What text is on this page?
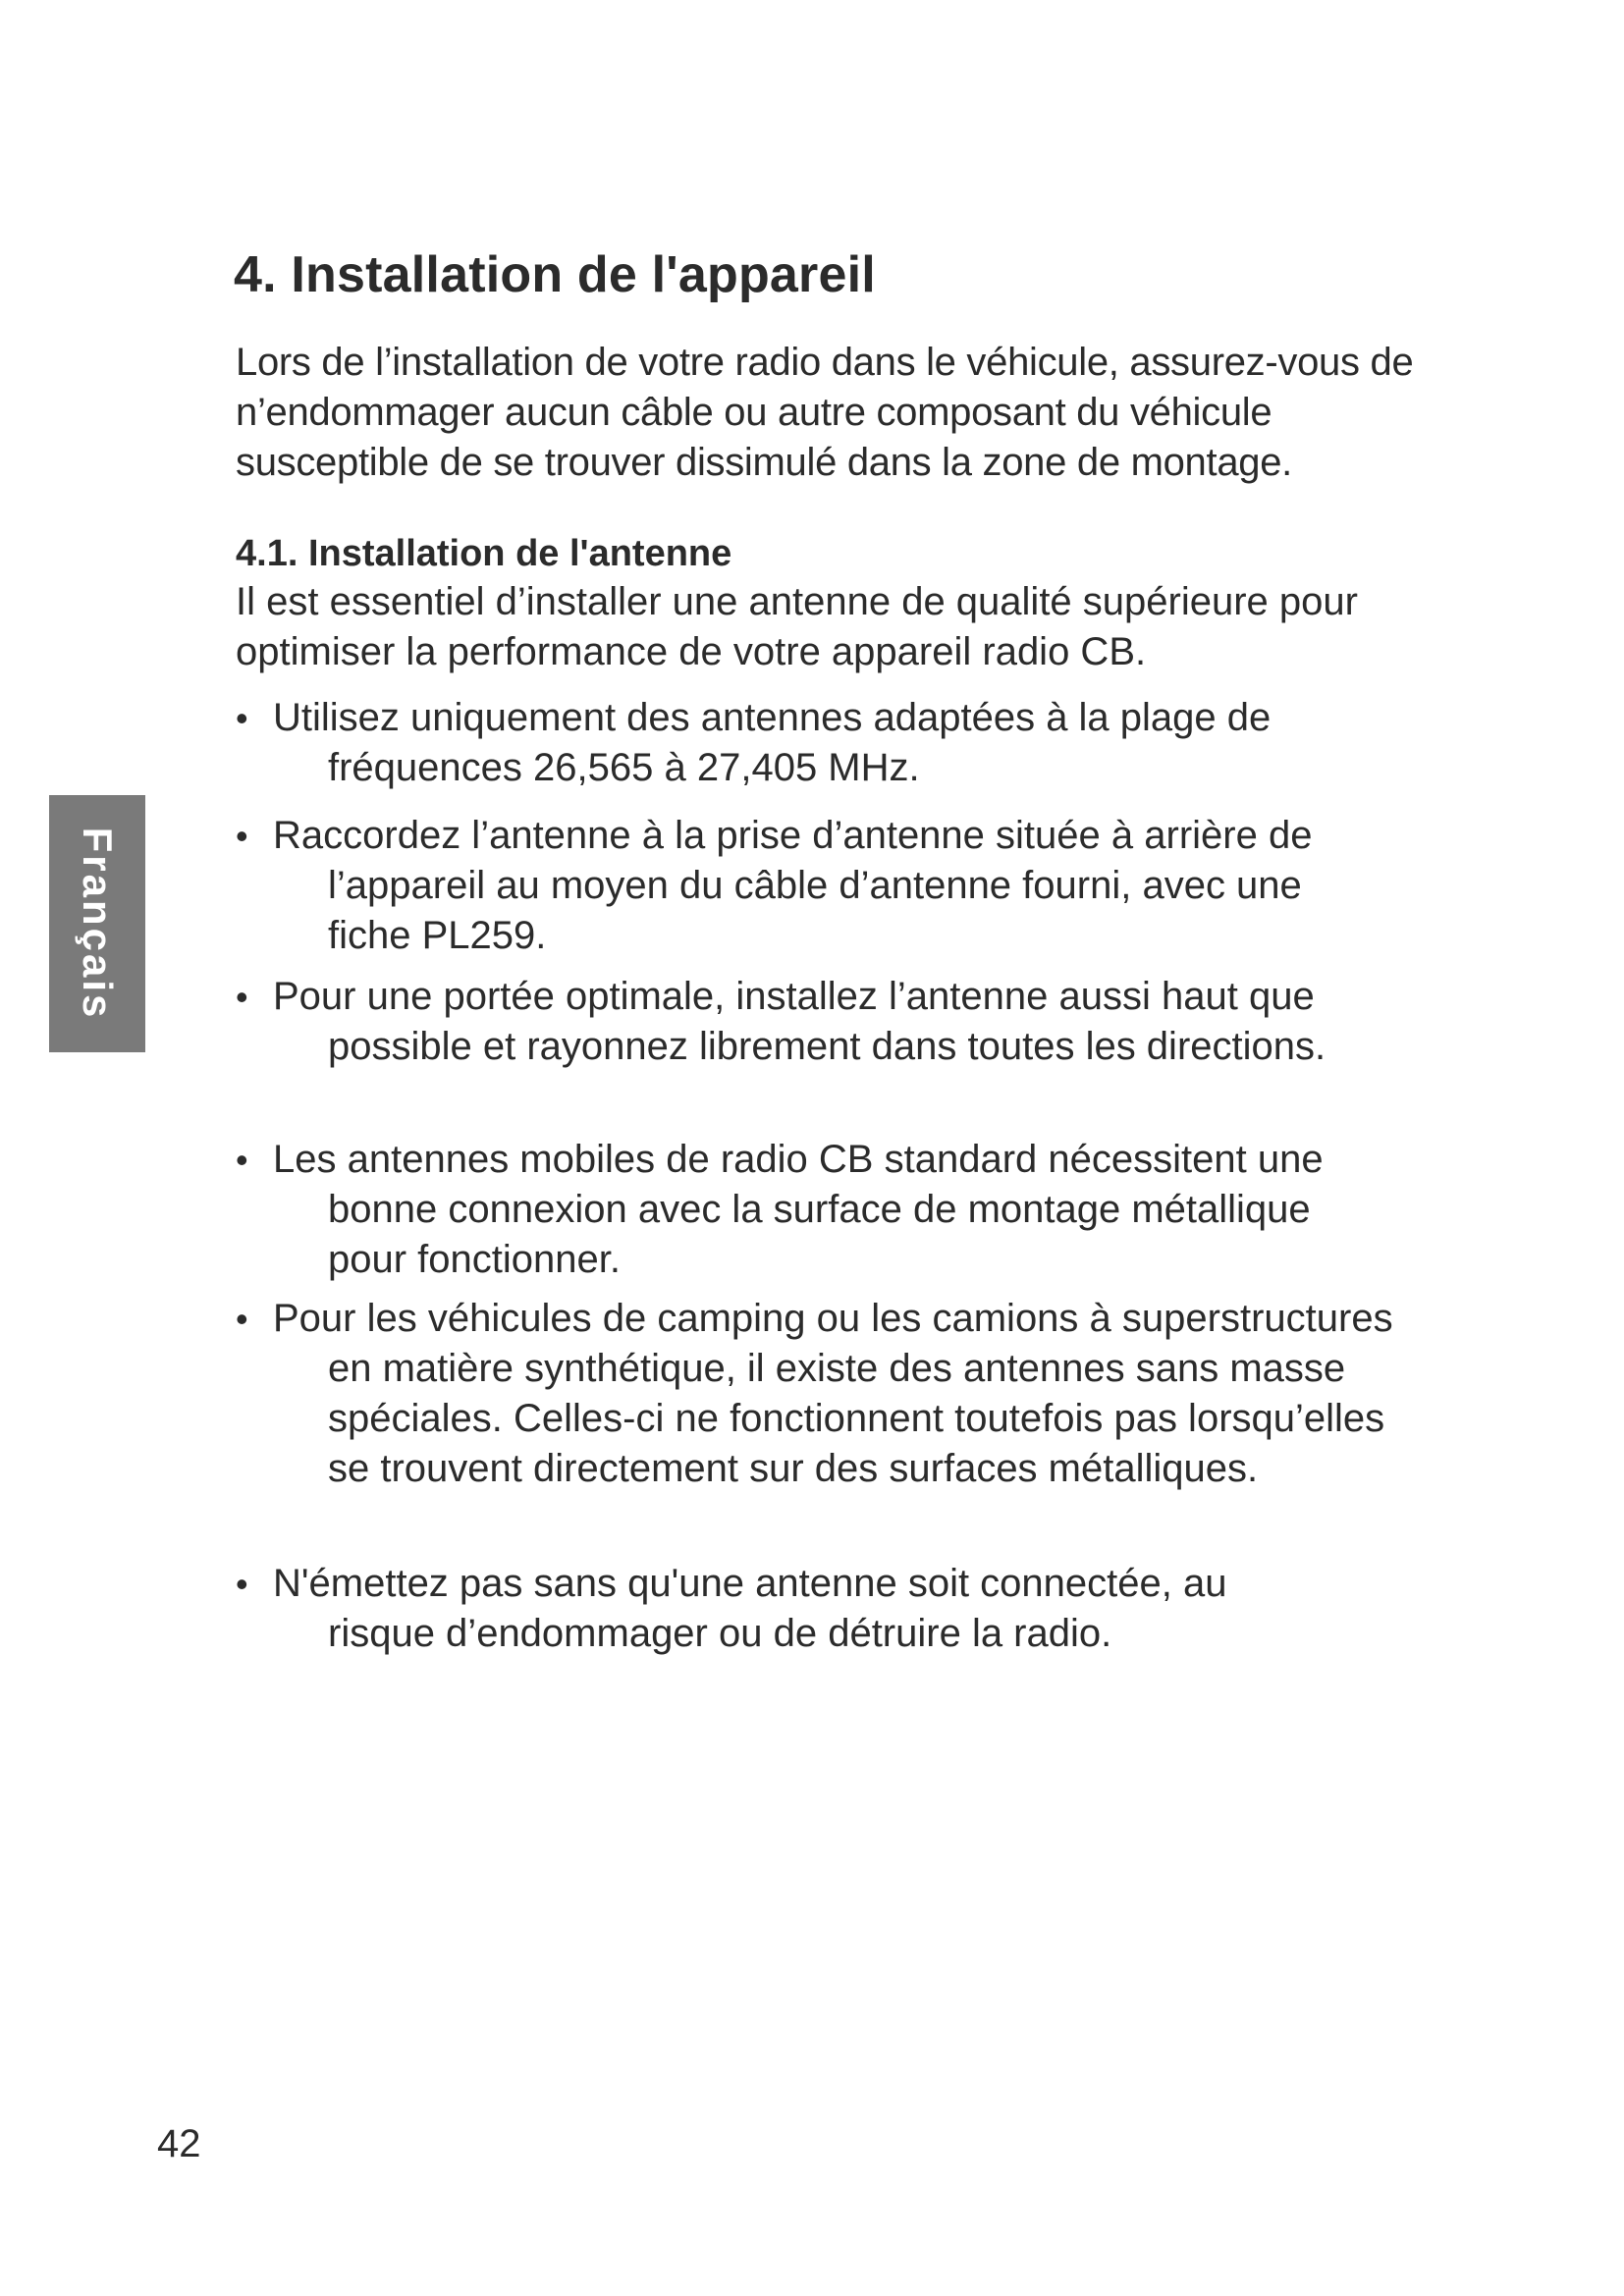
4. Installation de l'appareil

Lors de l’installation de votre radio dans le véhicule, assurez-vous de n’endommager aucun câble ou autre composant du véhicule susceptible de se trouver dissimulé dans la zone de montage.

4.1. Installation de l'antenne

Il est essentiel d’installer une antenne de qualité supérieure pour optimiser la performance de votre appareil radio CB.

• Utilisez uniquement des antennes adaptées à la plage de fréquences 26,565 à 27,405 MHz.
• Raccordez l’antenne à la prise d’antenne située à arrière de l’appareil au moyen du câble d’antenne fourni, avec une fiche PL259.
• Pour une portée optimale, installez l’antenne aussi haut que possible et rayonnez librement dans toutes les directions.
• Les antennes mobiles de radio CB standard nécessitent une bonne connexion avec la surface de montage métallique pour fonctionner.
• Pour les véhicules de camping ou les camions à superstructures en matière synthétique, il existe des antennes sans masse spéciales. Celles-ci ne fonctionnent toutefois pas lorsqu’elles se trouvent directement sur des surfaces métalliques.
• N'émettez pas sans qu'une antenne soit connectée, au risque d’endommager ou de détruire la radio.
Français
42
